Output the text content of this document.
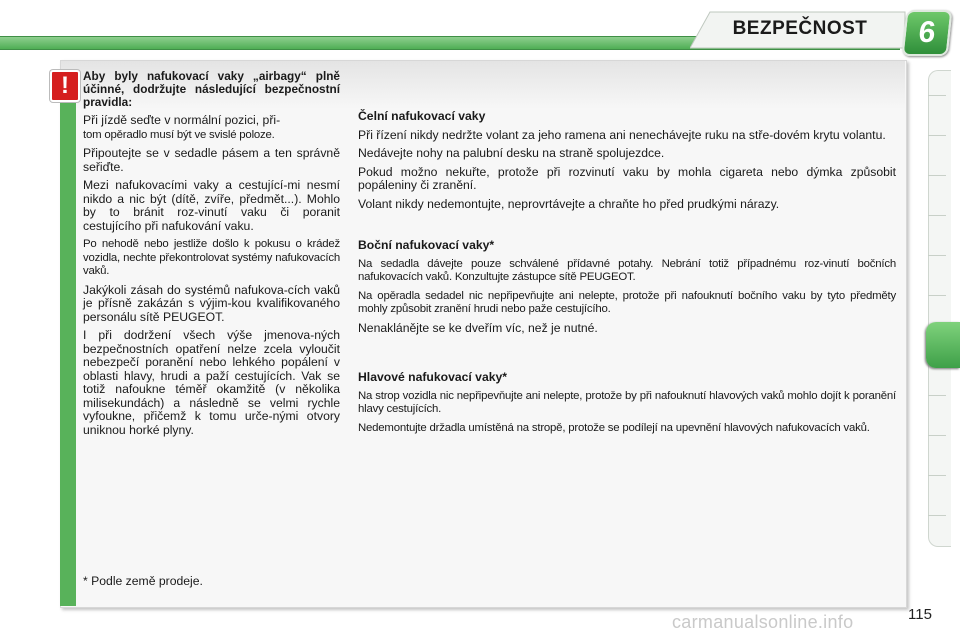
BEZPEČNOST	6
!	Aby byly nafukovací vaky „airbagy“ plně účinné, dodržujte následující bezpečnostní pravidla:

Při jízdě seďte v normální pozici, při-
tom opěradlo musí být ve svislé poloze.

Připoutejte se v sedadle pásem a ten správně seřiďte.

Mezi nafukovacími vaky a cestující-mi nesmí nikdo a nic být (dítě, zvíře, předmět...). Mohlo by to bránit roz-vinutí vaku či poranit cestujícího při nafukování vaku.

Po nehodě nebo jestliže došlo k pokusu o krádež vozidla, nechte překontrolovat systémy nafukovacích vaků.

Jakýkoli zásah do systémů nafukova-cích vaků je přísně zakázán s výjim-kou kvalifikovaného personálu sítě PEUGEOT.

I při dodržení všech výše jmenova-ných bezpečnostních opatření nelze zcela vyloučit nebezpečí poranění nebo lehkého popálení v oblasti hlavy, hrudi a paží cestujících. Vak se totiž nafoukne téměř okamžitě (v několika milisekundách) a následně se velmi rychle vyfoukne, přičemž k tomu urče-nými otvory uniknou horké plyny.

Čelní nafukovací vaky

Při řízení nikdy nedržte volant za jeho ramena ani nenechávejte ruku na stře-dovém krytu volantu.

Nedávejte nohy na palubní desku na straně spolujezdce.

Pokud možno nekuřte, protože při rozvinutí vaku by mohla cigareta nebo dýmka způsobit popáleniny či zranění.

Volant nikdy nedemontujte, neprovrtávejte a chraňte ho před prudkými nárazy.

Boční nafukovací vaky*

Na sedadla dávejte pouze schválené přídavné potahy. Nebrání totiž případnému roz-vinutí bočních nafukovacích vaků. Konzultujte zástupce sítě PEUGEOT.

Na opěradla sedadel nic nepřipevňujte ani nelepte, protože při nafouknutí bočního vaku by tyto předměty mohly způsobit zranění hrudi nebo paže cestujícího.

Nenaklánějte se ke dveřím víc, než je nutné.

Hlavové nafukovací vaky*

Na strop vozidla nic nepřipevňujte ani nelepte, protože by při nafouknutí hlavových vaků mohlo dojít k poranění hlavy cestujících.

Nedemontujte držadla umístěná na stropě, protože se podílejí na upevnění hlavových nafukovacích vaků.

* Podle země prodeje.
carmanualsonline.info	115
